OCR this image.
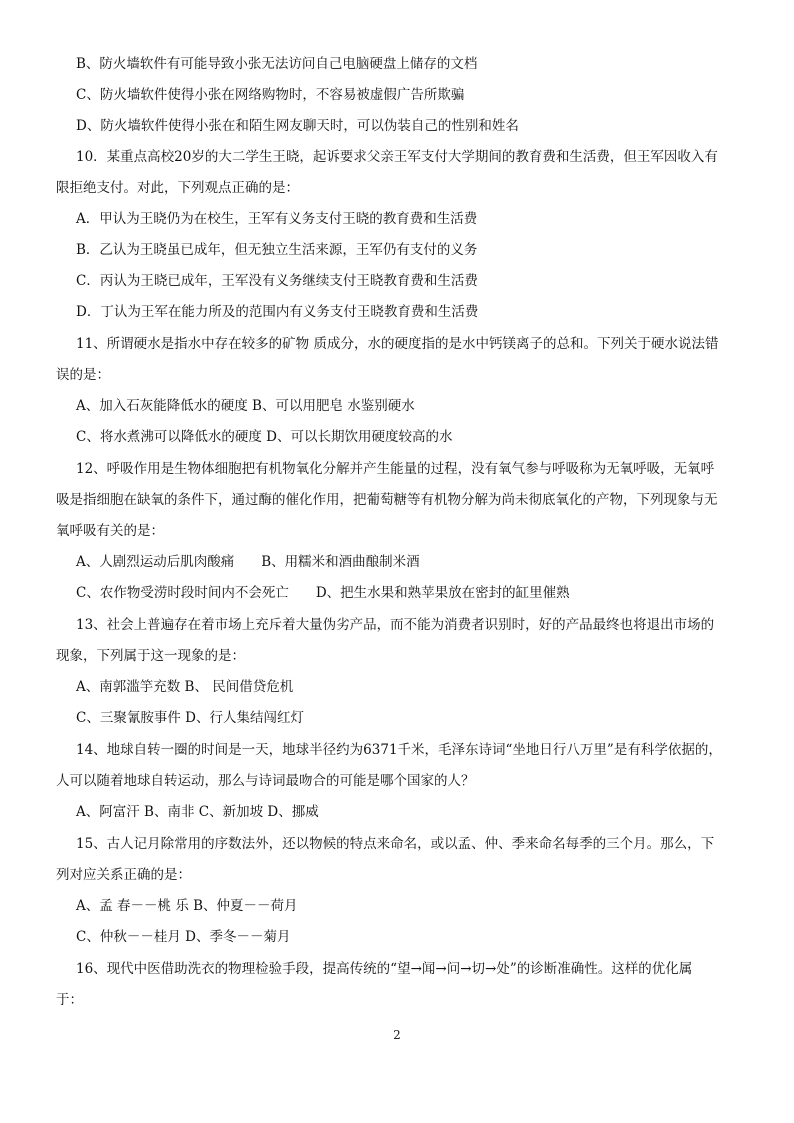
B、防火墙软件有可能导致小张无法访问自己电脑硬盘上储存的文档
C、防火墙软件使得小张在网络购物时，不容易被虚假广告所欺骗
D、防火墙软件使得小张在和陌生网友聊天时，可以伪装自己的性别和姓名
10．某重点高校20岁的大二学生王晓，起诉要求父亲王军支付大学期间的教育费和生活费，但王军因收入有
限拒绝支付。对此，下列观点正确的是：
A．甲认为王晓仍为在校生，王军有义务支付王晓的教育费和生活费
B．乙认为王晓虽已成年，但无独立生活来源，王军仍有支付的义务
C．丙认为王晓已成年，王军没有义务继续支付王晓教育费和生活费
D．丁认为王军在能力所及的范围内有义务支付王晓教育费和生活费
11、所谓硬水是指水中存在较多的矿物 质成分，水的硬度指的是水中钙镁离子的总和。下列关于硬水说法错
误的是：
A、加入石灰能降低水的硬度 B、可以用肥皂 水鉴别硬水
C、将水煮沸可以降低水的硬度 D、可以长期饮用硬度较高的水
12、呼吸作用是生物体细胞把有机物氧化分解并产生能量的过程，没有氧气参与呼吸称为无氧呼吸，无氧呼
吸是指细胞在缺氧的条件下，通过酶的催化作用，把葡萄糖等有机物分解为尚未彻底氧化的产物，下列现象与无
氧呼吸有关的是：
A、人剧烈运动后肌肉酸痛　　B、用糯米和酒曲酿制米酒
C、农作物受涝时段时间内不会死亡　　D、把生水果和熟苹果放在密封的缸里催熟
13、社会上普遍存在着市场上充斥着大量伪劣产品，而不能为消费者识别时，好的产品最终也将退出市场的
现象，下列属于这一现象的是：
A、南郭滥竽充数 B、 民间借贷危机
C、三聚氰胺事件 D、行人集结闯红灯
14、地球自转一圈的时间是一天，地球半径约为6371千米，毛泽东诗词“坐地日行八万里”是有科学依据的，
人可以随着地球自转运动，那么与诗词最吻合的可能是哪个国家的人？
A、阿富汗 B、南非 C、新加坡 D、挪威
15、古人记月除常用的序数法外，还以物候的特点来命名，或以孟、仲、季来命名每季的三个月。那么，下
列对应关系正确的是：
A、孟 春－－桃 乐 B、仲夏－－荷月
C、仲秋－－桂月 D、季冬－－菊月
16、现代中医借助洗衣的物理检验手段，提高传统的“望→闻→问→切→处”的诊断准确性。这样的优化属
于：
2
